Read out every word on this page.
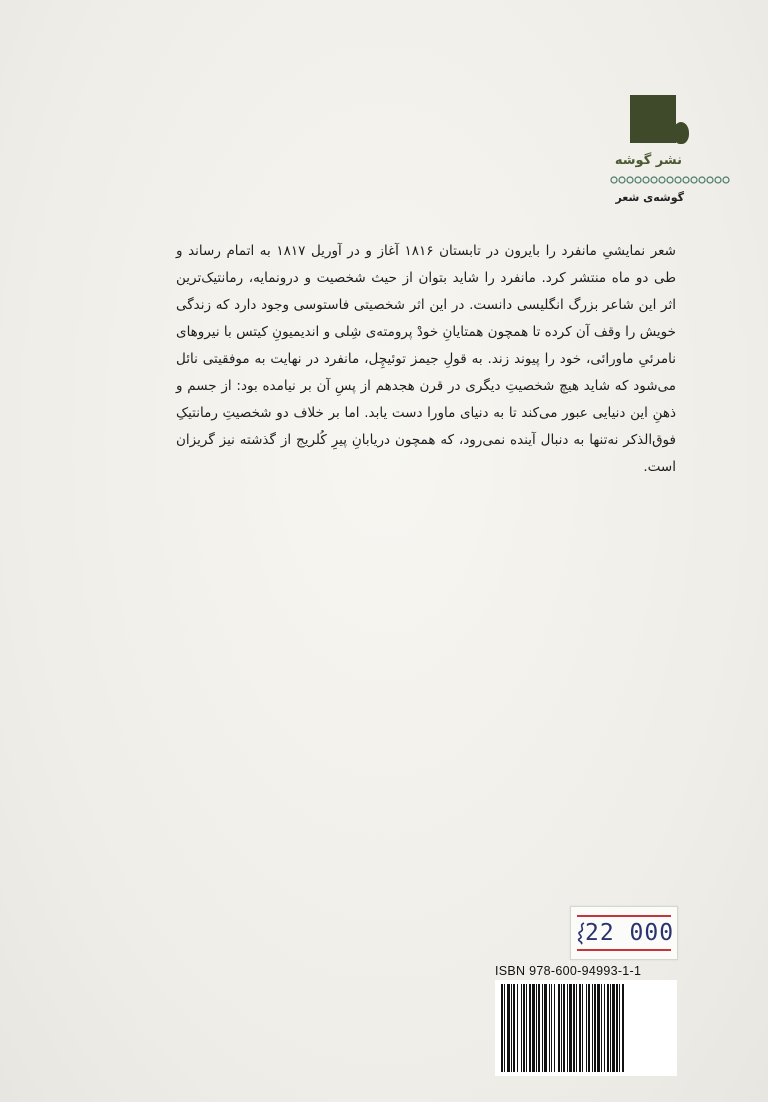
نشر گوشه
گوشه‌ی شعر
شعر نمایشیِ مانفرد را بایرون در تابستان ۱۸۱۶ آغاز و در آوریل ۱۸۱۷ به اتمام رساند و طی دو ماه منتشر کرد. مانفرد را شاید بتوان از حیث شخصیت و درونمایه، رمانتیک‌ترین اثر این شاعر بزرگ انگلیسی دانست. در این اثر شخصیتی فاستوسی وجود دارد که زندگی خویش را وقف آن کرده تا همچون همتایانِ خودْ پرومته‌ی شِلی و اندیمیونِ کیتس با نیروهای نامرئیِ ماورائی، خود را پیوند زند. به قولِ جیمز توئیچِل، مانفرد در نهایت به موفقیتی نائل می‌شود که شاید هیچ شخصیتِ دیگری در قرن هجدهم از پسِ آن بر نیامده بود: از جسم و ذهنِ این دنیایی عبور می‌کند تا به دنیای ماورا دست یابد. اما بر خلاف دو شخصیتِ رمانتیکِ فوق‌الذکر نه‌تنها به دنبال آینده نمی‌رود، که همچون دریابانِ پیرِ کُلریج از گذشته نیز گریزان است.
22 000
ISBN 978-600-94993-1-1
